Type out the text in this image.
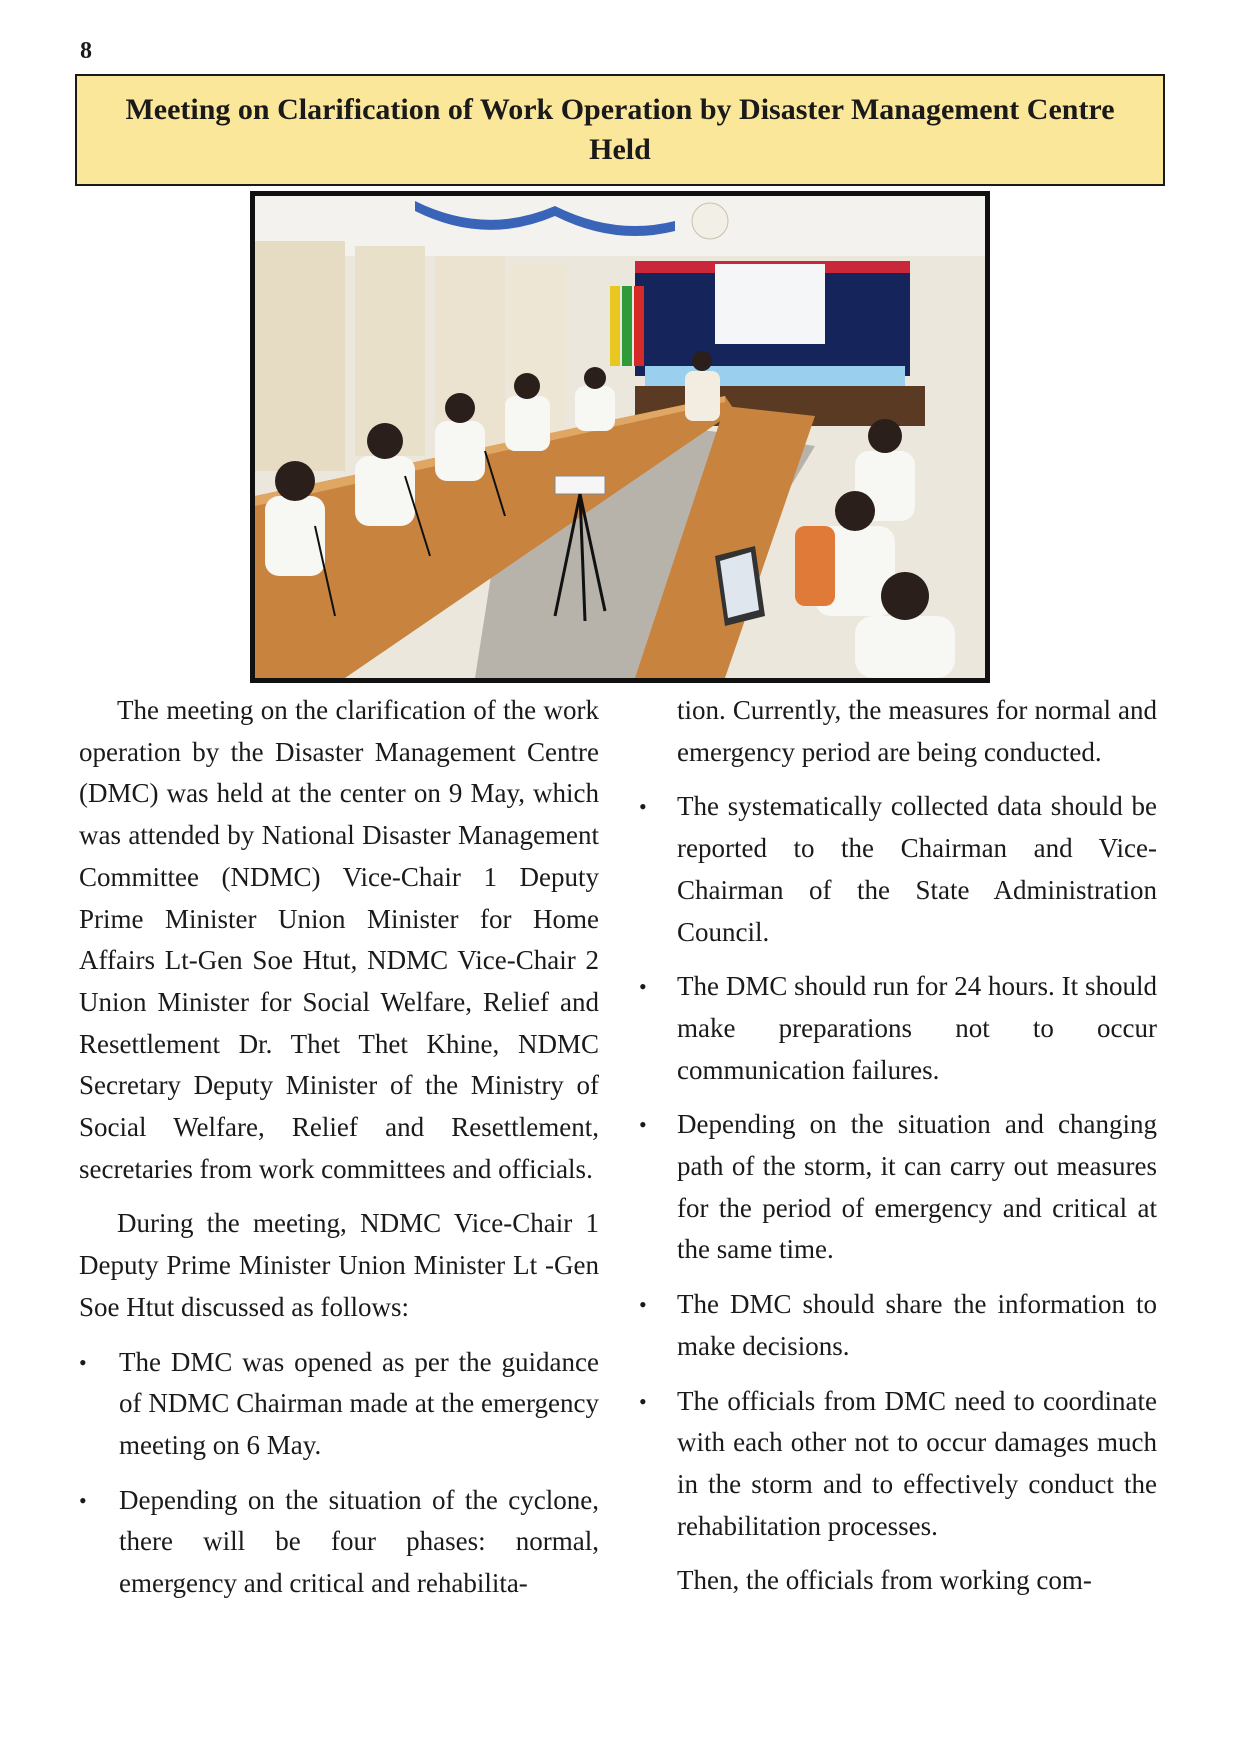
8
Meeting on Clarification of Work Operation by Disaster Management Centre Held

The meeting on the clarification of the work operation by the Disaster Management Centre (DMC) was held at the center on 9 May, which was attended by National Disaster Management Committee (NDMC) Vice-Chair 1 Deputy Prime Minister Union Minister for Home Affairs Lt-Gen Soe Htut, NDMC Vice-Chair 2 Union Minister for Social Welfare, Relief and Resettlement Dr. Thet Thet Khine, NDMC Secretary Deputy Minister of the Ministry of Social Welfare, Relief and Resettlement, secretaries from work committees and officials.

During the meeting, NDMC Vice-Chair 1 Deputy Prime Minister Union Minister Lt -Gen Soe Htut discussed as follows:

• The DMC was opened as per the guidance of NDMC Chairman made at the emergency meeting on 6 May.
• Depending on the situation of the cyclone, there will be four phases: normal, emergency and critical and rehabilita-

tion. Currently, the measures for normal and emergency period are being conducted.

• The systematically collected data should be reported to the Chairman and Vice-Chairman of the State Administration Council.
• The DMC should run for 24 hours. It should make preparations not to occur communication failures.
• Depending on the situation and changing path of the storm, it can carry out measures for the period of emergency and critical at the same time.
• The DMC should share the information to make decisions.
• The officials from DMC need to coordinate with each other not to occur damages much in the storm and to effectively conduct the rehabilitation processes.

Then, the officials from working com-
